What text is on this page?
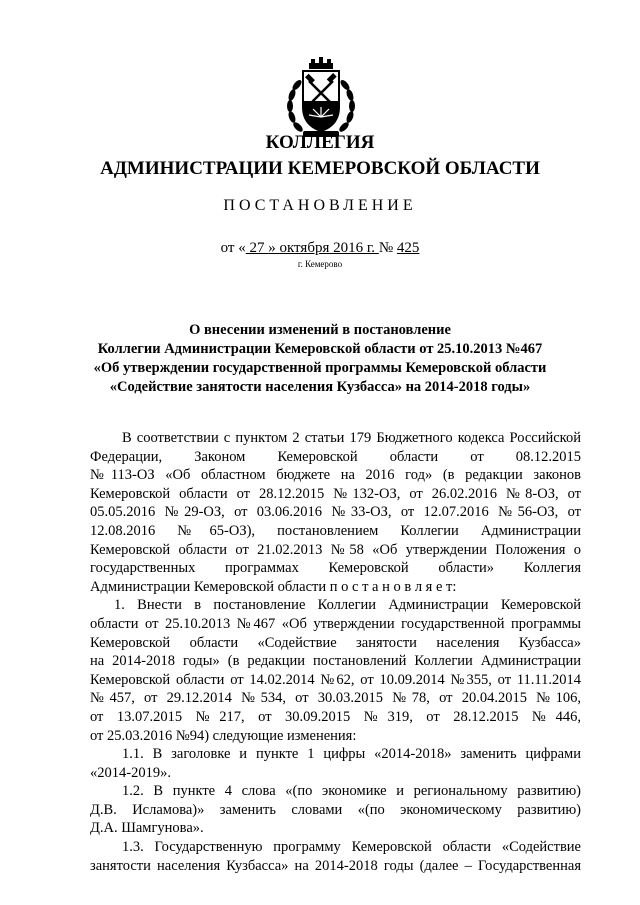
КОЛЛЕГИЯ
АДМИНИСТРАЦИИ КЕМЕРОВСКОЙ ОБЛАСТИ
ПОСТАНОВЛЕНИЕ
от « 27 » октября 2016 г. № 425
г. Кемерово
О внесении изменений в постановление
Коллегии Администрации Кемеровской области от 25.10.2013 №467
«Об утверждении государственной программы Кемеровской области
«Содействие занятости населения Кузбасса» на 2014-2018 годы»
В соответствии с пунктом 2 статьи 179 Бюджетного кодекса Российской
Федерации, Законом Кемеровской области от 08.12.2015
№113-ОЗ «Об областном бюджете на 2016 год» (в редакции законов
Кемеровской области от 28.12.2015 №132-ОЗ, от 26.02.2016 №8-ОЗ, от
05.05.2016 №29-ОЗ, от 03.06.2016 №33-ОЗ, от 12.07.2016 №56-ОЗ, от
12.08.2016 №65-ОЗ), постановлением Коллегии Администрации
Кемеровской области от 21.02.2013 №58 «Об утверждении Положения о
государственных программах Кемеровской области» Коллегия
Администрации Кемеровской области п о с т а н о в л я е т:
1. Внести в постановление Коллегии Администрации Кемеровской
области от 25.10.2013 №467 «Об утверждении государственной программы
Кемеровской области «Содействие занятости населения Кузбасса»
на 2014-2018 годы» (в редакции постановлений Коллегии Администрации
Кемеровской области от 14.02.2014 №62, от 10.09.2014 №355, от 11.11.2014
№457, от 29.12.2014 №534, от 30.03.2015 №78, от 20.04.2015 №106,
от 13.07.2015 №217, от 30.09.2015 №319, от 28.12.2015 №446,
от 25.03.2016 №94) следующие изменения:
1.1. В заголовке и пункте 1 цифры «2014-2018» заменить цифрами
«2014-2019».
1.2. В пункте 4 слова «(по экономике и региональному развитию)
Д.В. Исламова)» заменить словами «(по экономическому развитию)
Д.А. Шамгунова».
1.3. Государственную программу Кемеровской области «Содействие
занятости населения Кузбасса» на 2014-2018 годы (далее – Государственная
